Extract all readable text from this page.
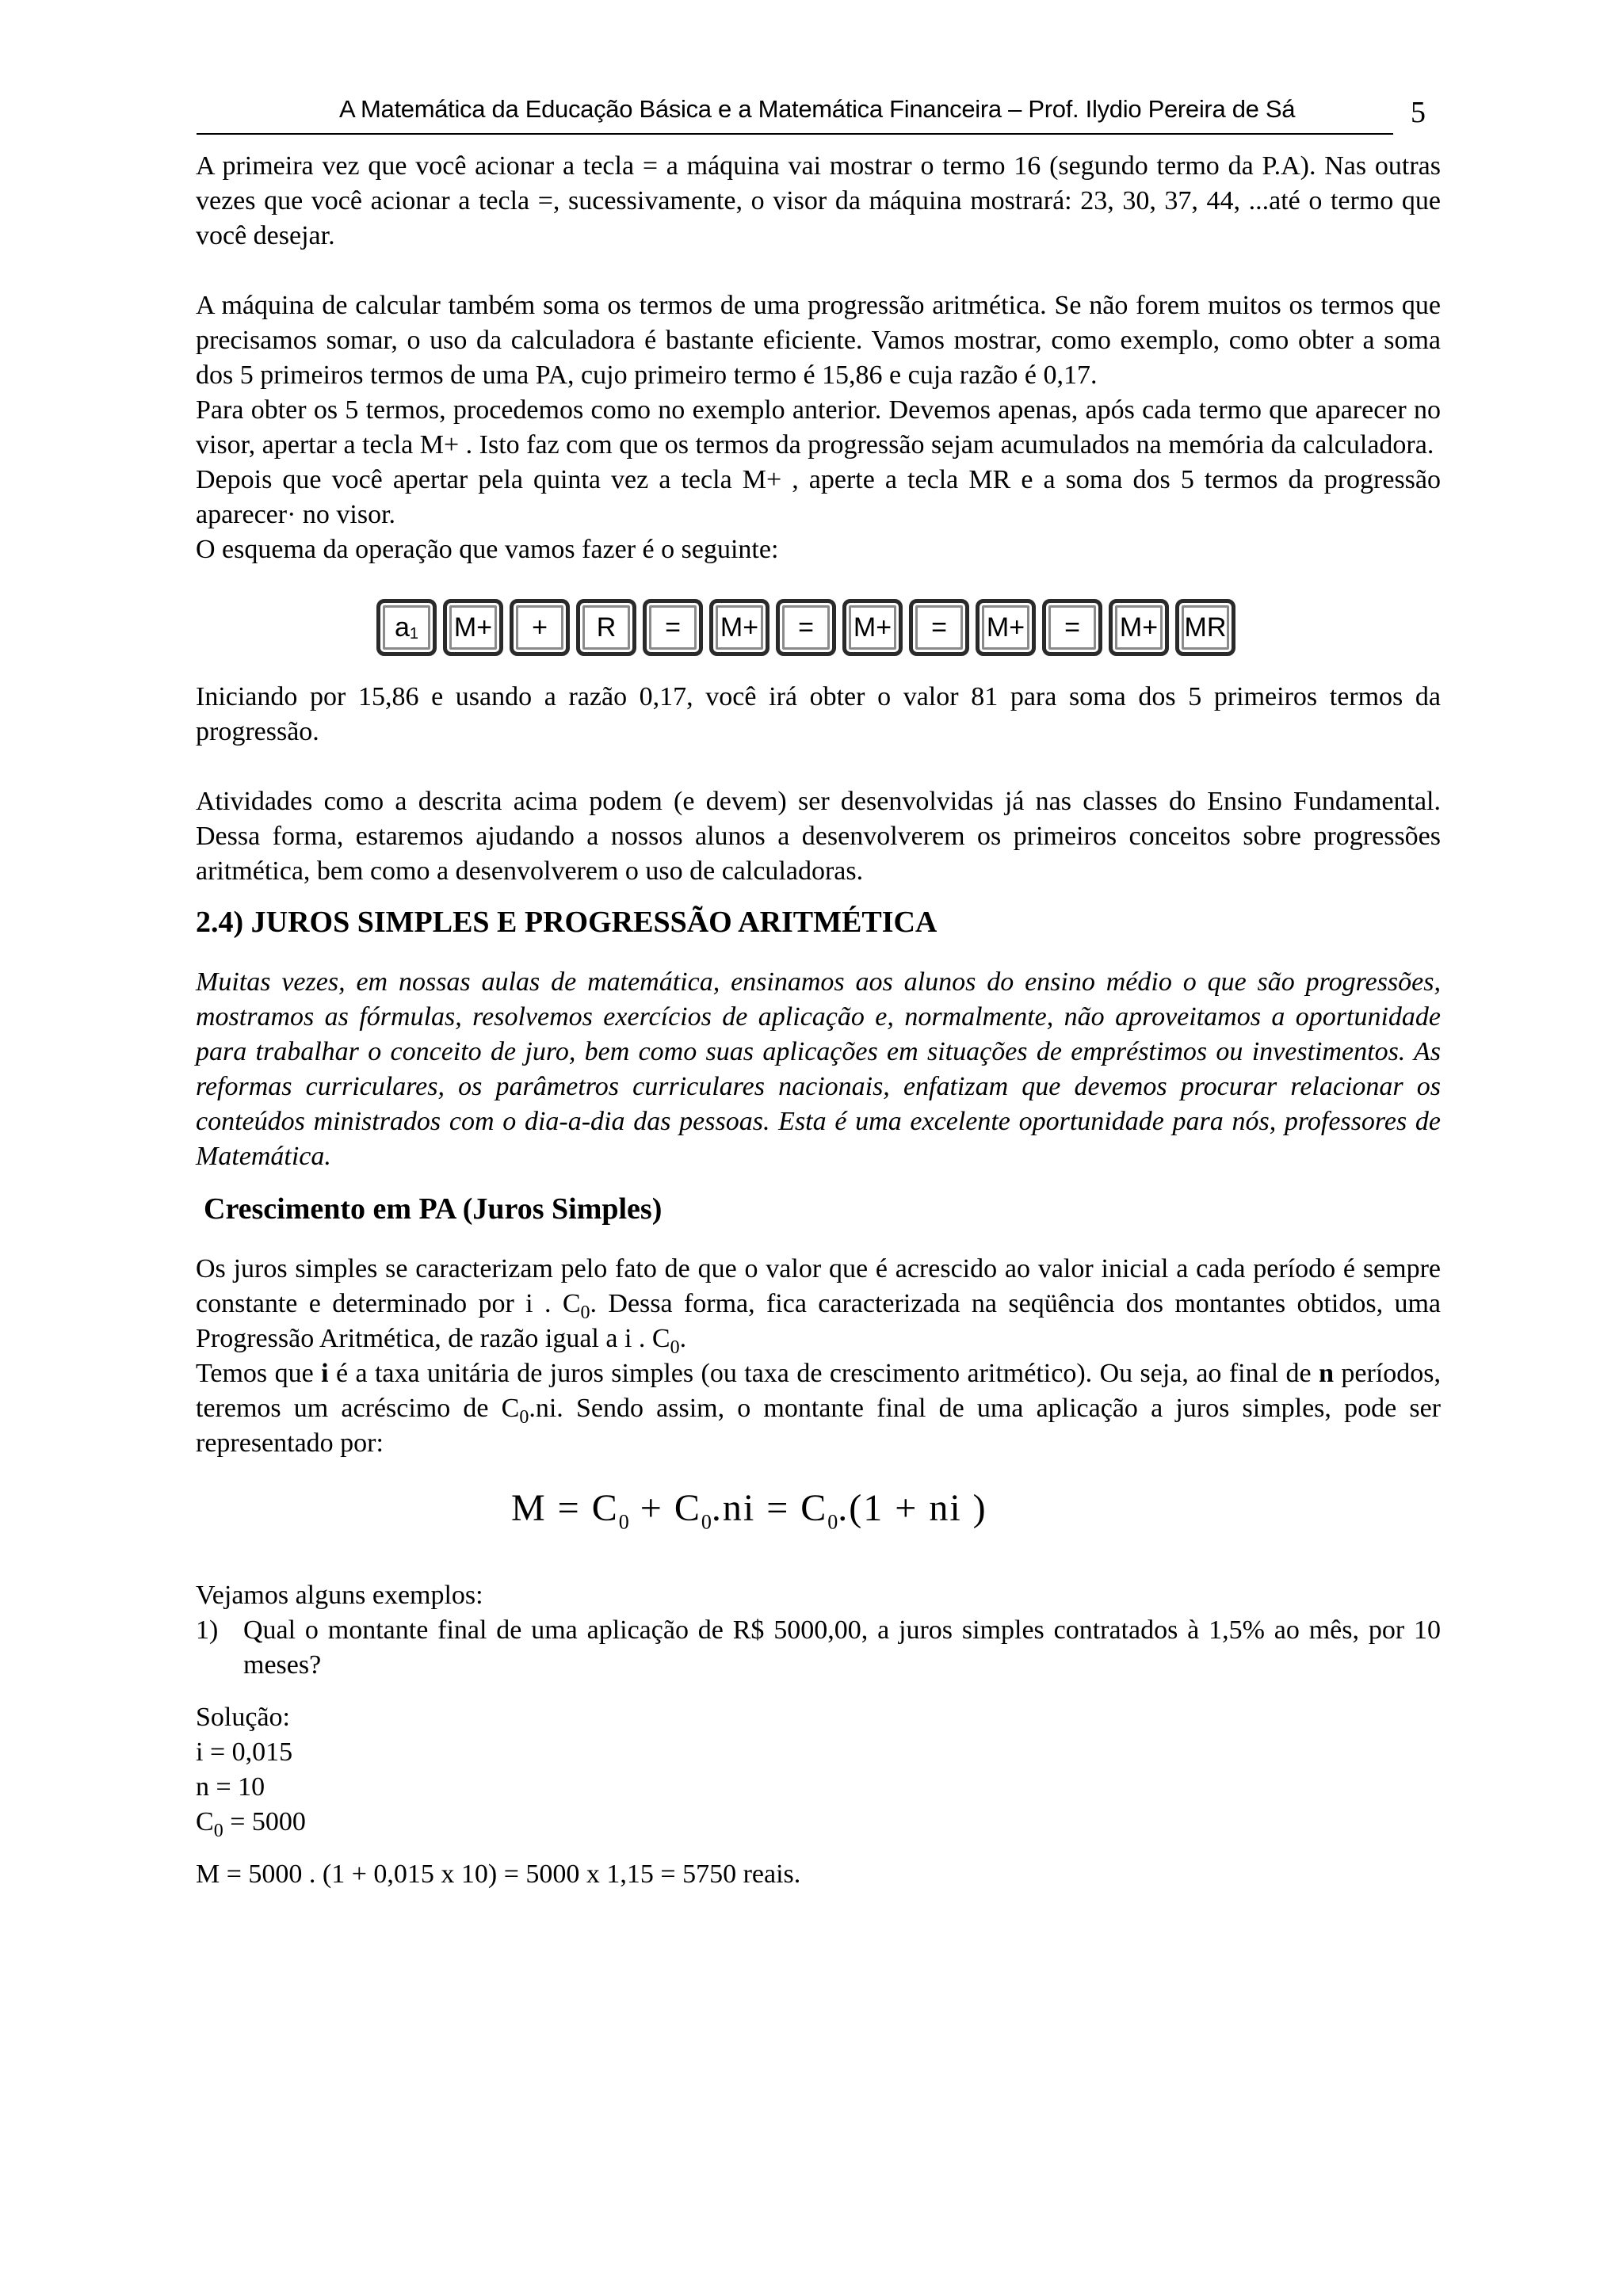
A Matemática da Educação Básica e a Matemática Financeira – Prof. Ilydio Pereira de Sá	5

A primeira vez que você acionar a tecla = a máquina vai mostrar o termo 16 (segundo termo da P.A). Nas outras vezes que você acionar a tecla =, sucessivamente, o visor da máquina mostrará: 23, 30, 37, 44, ...até o termo que você desejar.

A máquina de calcular também soma os termos de uma progressão aritmética. Se não forem muitos os termos que precisamos somar, o uso da calculadora é bastante eficiente. Vamos mostrar, como exemplo, como obter a soma dos 5 primeiros termos de uma PA, cujo primeiro termo é 15,86 e cuja razão é 0,17.

Para obter os 5 termos, procedemos como no exemplo anterior. Devemos apenas, após cada termo que aparecer no visor, apertar a tecla M+ . Isto faz com que os termos da progressão sejam acumulados na memória da calculadora.

Depois que você apertar pela quinta vez a tecla M+ , aperte a tecla MR e a soma dos 5 termos da progressão aparecer· no visor.

O esquema da operação que vamos fazer é o seguinte:

$a_1$	M+	+	R	=	M+	=	M+	=	M+	=	M+ MR

Iniciando por 15,86 e usando a razão 0,17, você irá obter o valor 81 para soma dos 5 primeiros termos da progressão.

Atividades como a descrita acima podem (e devem) ser desenvolvidas já nas classes do Ensino Fundamental. Dessa forma, estaremos ajudando a nossos alunos a desenvolverem os primeiros conceitos sobre progressões aritmética, bem como a desenvolverem o uso de calculadoras.

2.4) JUROS SIMPLES E PROGRESSÃO ARITMÉTICA

Muitas vezes, em nossas aulas de matemática, ensinamos aos alunos do ensino médio o que são progressões, mostramos as fórmulas, resolvemos exercícios de aplicação e, normalmente, não aproveitamos a oportunidade para trabalhar o conceito de juro, bem como suas aplicações em situações de empréstimos ou investimentos. As reformas curriculares, os parâmetros curriculares nacionais, enfatizam que devemos procurar relacionar os conteúdos ministrados com o dia-a-dia das pessoas. Esta é uma excelente oportunidade para nós, professores de Matemática.

Crescimento em PA (Juros Simples)

Os juros simples se caracterizam pelo fato de que o valor que é acrescido ao valor inicial a cada período é sempre constante e determinado por i . $C_0$. Dessa forma, fica caracterizada na seqüência dos montantes obtidos, uma Progressão Aritmética, de razão igual a i . $C_0$.

Temos que i é a taxa unitária de juros simples (ou taxa de crescimento aritmético). Ou seja, ao final de n períodos, teremos um acréscimo de $C_0.ni$. Sendo assim, o montante final de uma aplicação a juros simples, pode ser representado por:

$M = C_0 + C_0.ni = C_0.(1$ + ni )

Vejamos alguns exemplos:

1) Qual o montante final de uma aplicação de R$ 5000,00, a juros simples contratados à 1,5% ao mês, por 10 meses?

Solução:

i = 0,015

n = 10

$C_0 = 5000$

M = 5000 . (1 + 0,015 x 10) = 5000 x 1,15 = 5750 reais.
